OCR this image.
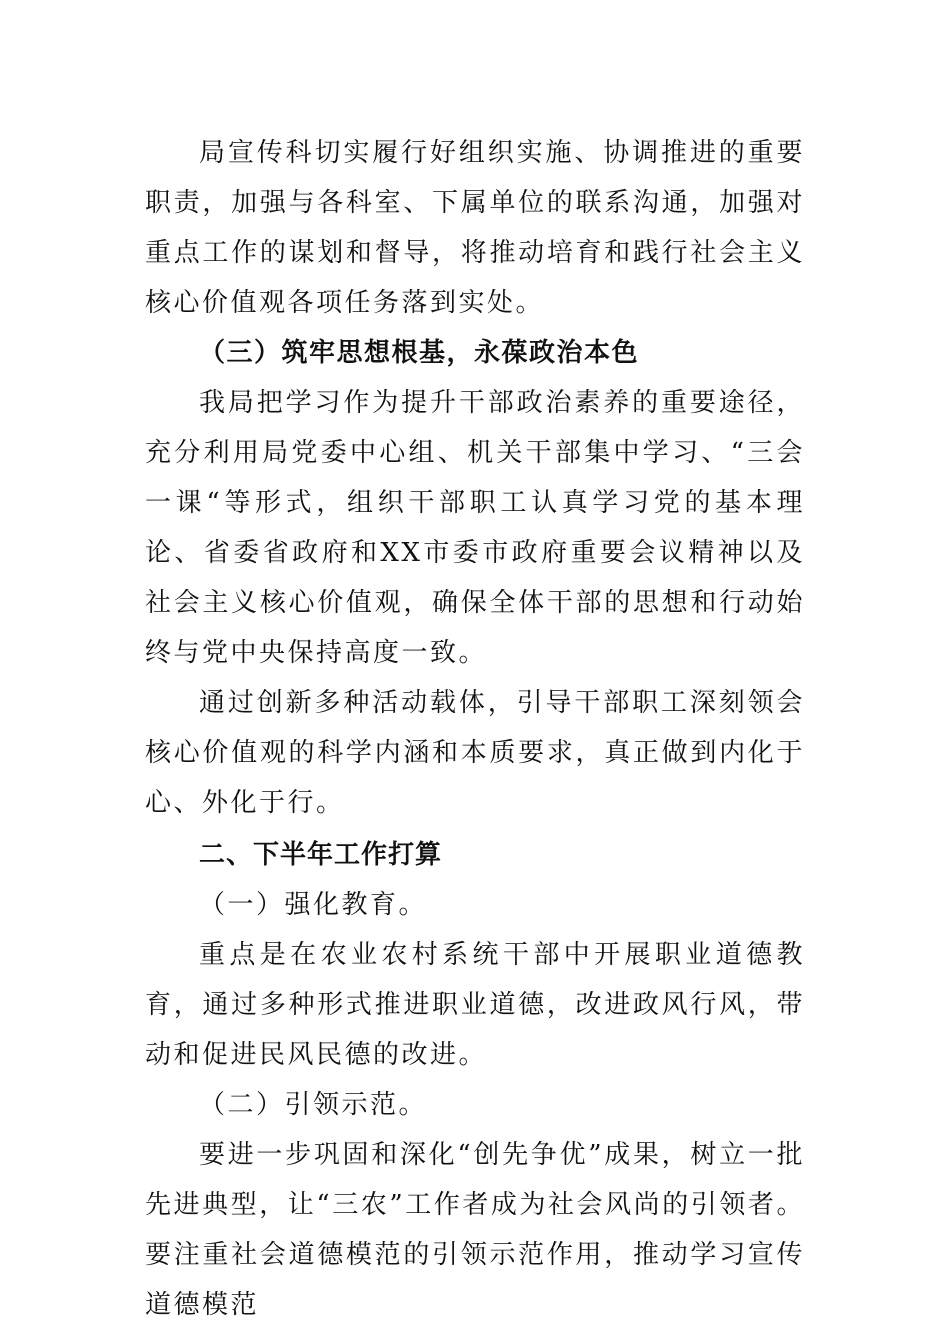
局宣传科切实履行好组织实施、协调推进的重要职责，加强与各科室、下属单位的联系沟通，加强对重点工作的谋划和督导，将推动培育和践行社会主义核心价值观各项任务落到实处。

（三）筑牢思想根基，永葆政治本色

我局把学习作为提升干部政治素养的重要途径，充分利用局党委中心组、机关干部集中学习、“三会一课“等形式，组织干部职工认真学习党的基本理论、省委省政府和XX市委市政府重要会议精神以及社会主义核心价值观，确保全体干部的思想和行动始终与党中央保持高度一致。

通过创新多种活动载体，引导干部职工深刻领会核心价值观的科学内涵和本质要求，真正做到内化于心、外化于行。

二、下半年工作打算

（一）强化教育。

重点是在农业农村系统干部中开展职业道德教育，通过多种形式推进职业道德，改进政风行风，带动和促进民风民德的改进。

（二）引领示范。

要进一步巩固和深化“创先争优”成果，树立一批先进典型，让“三农”工作者成为社会风尚的引领者。要注重社会道德模范的引领示范作用，推动学习宣传道德模范
